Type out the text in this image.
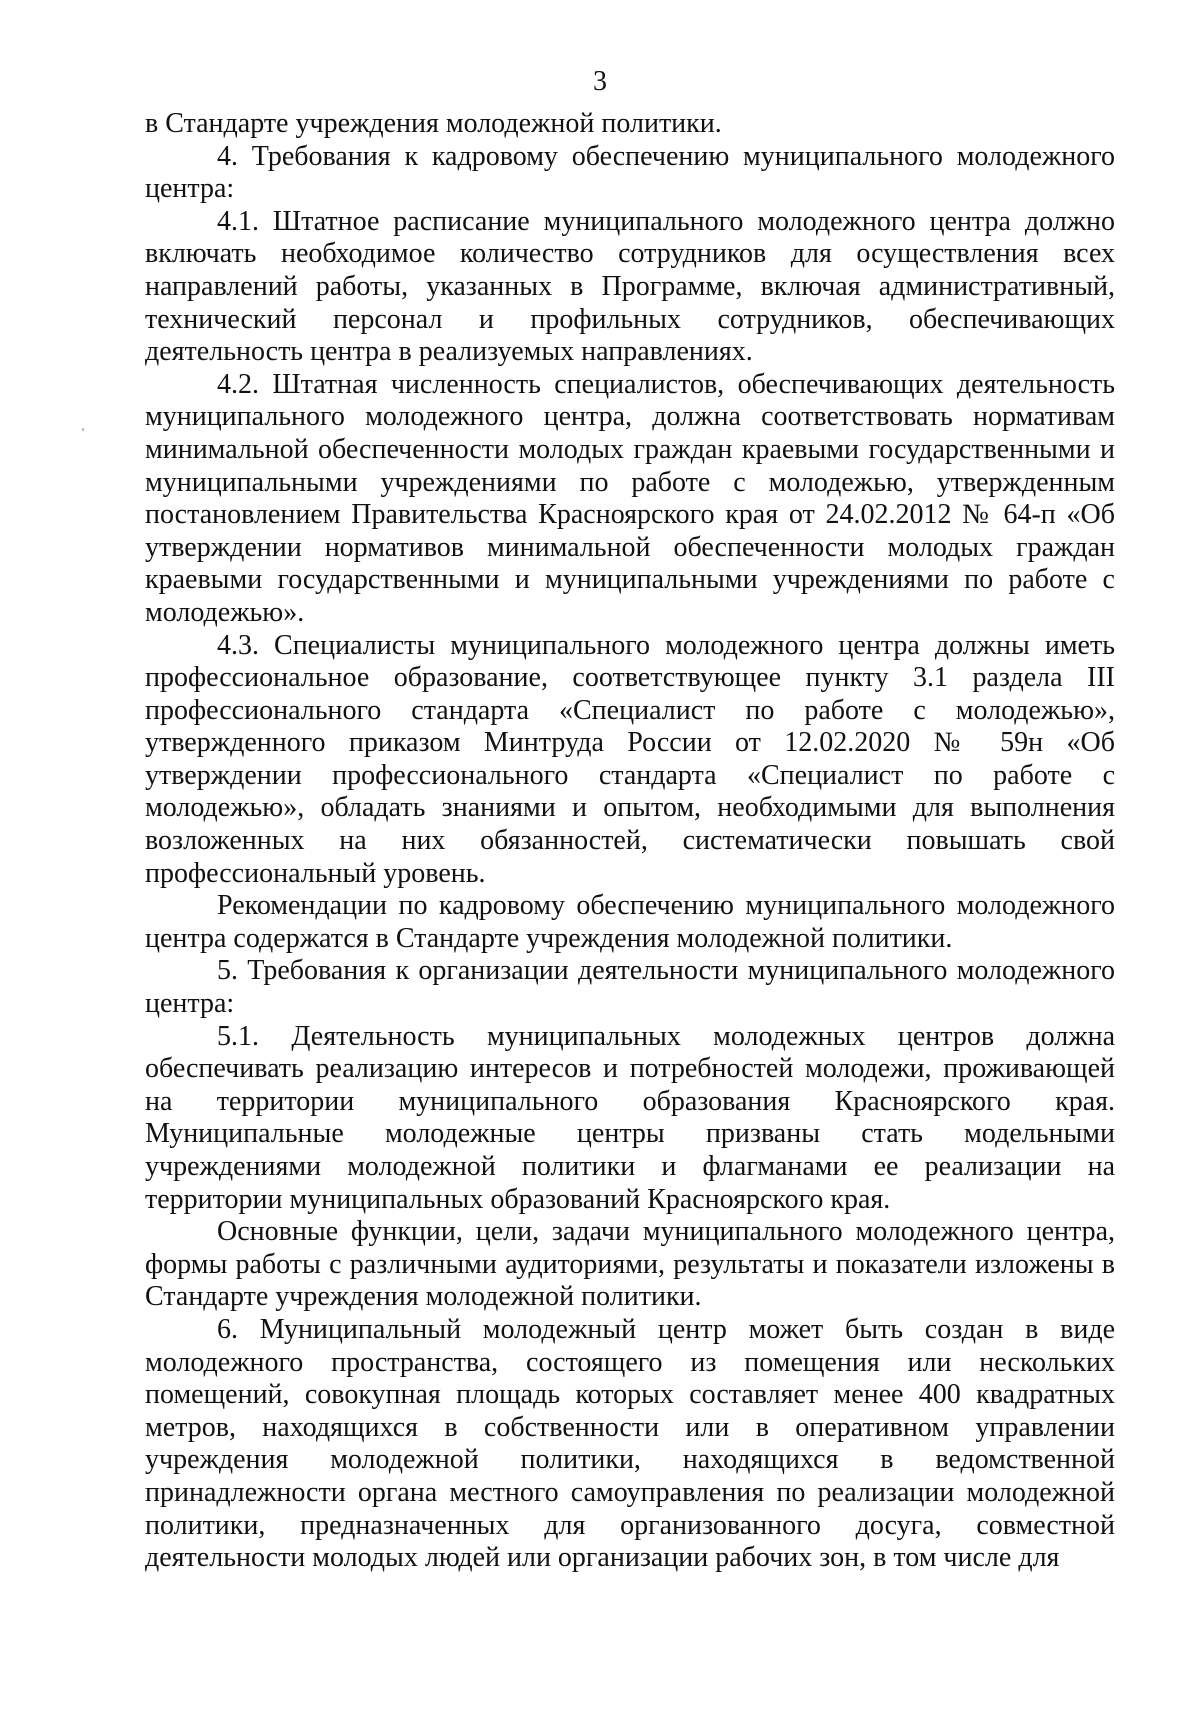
3

в Стандарте учреждения молодежной политики.

4. Требования к кадровому обеспечению муниципального молодежного центра:

4.1. Штатное расписание муниципального молодежного центра должно включать необходимое количество сотрудников для осуществления всех направлений работы, указанных в Программе, включая административный, технический персонал и профильных сотрудников, обеспечивающих деятельность центра в реализуемых направлениях.

4.2. Штатная численность специалистов, обеспечивающих деятельность муниципального молодежного центра, должна соответствовать нормативам минимальной обеспеченности молодых граждан краевыми государственными и муниципальными учреждениями по работе с молодежью, утвержденным постановлением Правительства Красноярского края от 24.02.2012 № 64-п «Об утверждении нормативов минимальной обеспеченности молодых граждан краевыми государственными и муниципальными учреждениями по работе с молодежью».

4.3. Специалисты муниципального молодежного центра должны иметь профессиональное образование, соответствующее пункту 3.1 раздела III профессионального стандарта «Специалист по работе с молодежью», утвержденного приказом Минтруда России от 12.02.2020 № 59н «Об утверждении профессионального стандарта «Специалист по работе с молодежью», обладать знаниями и опытом, необходимыми для выполнения возложенных на них обязанностей, систематически повышать свой профессиональный уровень.

Рекомендации по кадровому обеспечению муниципального молодежного центра содержатся в Стандарте учреждения молодежной политики.

5. Требования к организации деятельности муниципального молодежного центра:

5.1. Деятельность муниципальных молодежных центров должна обеспечивать реализацию интересов и потребностей молодежи, проживающей на территории муниципального образования Красноярского края. Муниципальные молодежные центры призваны стать модельными учреждениями молодежной политики и флагманами ее реализации на территории муниципальных образований Красноярского края.

Основные функции, цели, задачи муниципального молодежного центра, формы работы с различными аудиториями, результаты и показатели изложены в Стандарте учреждения молодежной политики.

6. Муниципальный молодежный центр может быть создан в виде молодежного пространства, состоящего из помещения или нескольких помещений, совокупная площадь которых составляет менее 400 квадратных метров, находящихся в собственности или в оперативном управлении учреждения молодежной политики, находящихся в ведомственной принадлежности органа местного самоуправления по реализации молодежной политики, предназначенных для организованного досуга, совместной деятельности молодых людей или организации рабочих зон, в том числе для
